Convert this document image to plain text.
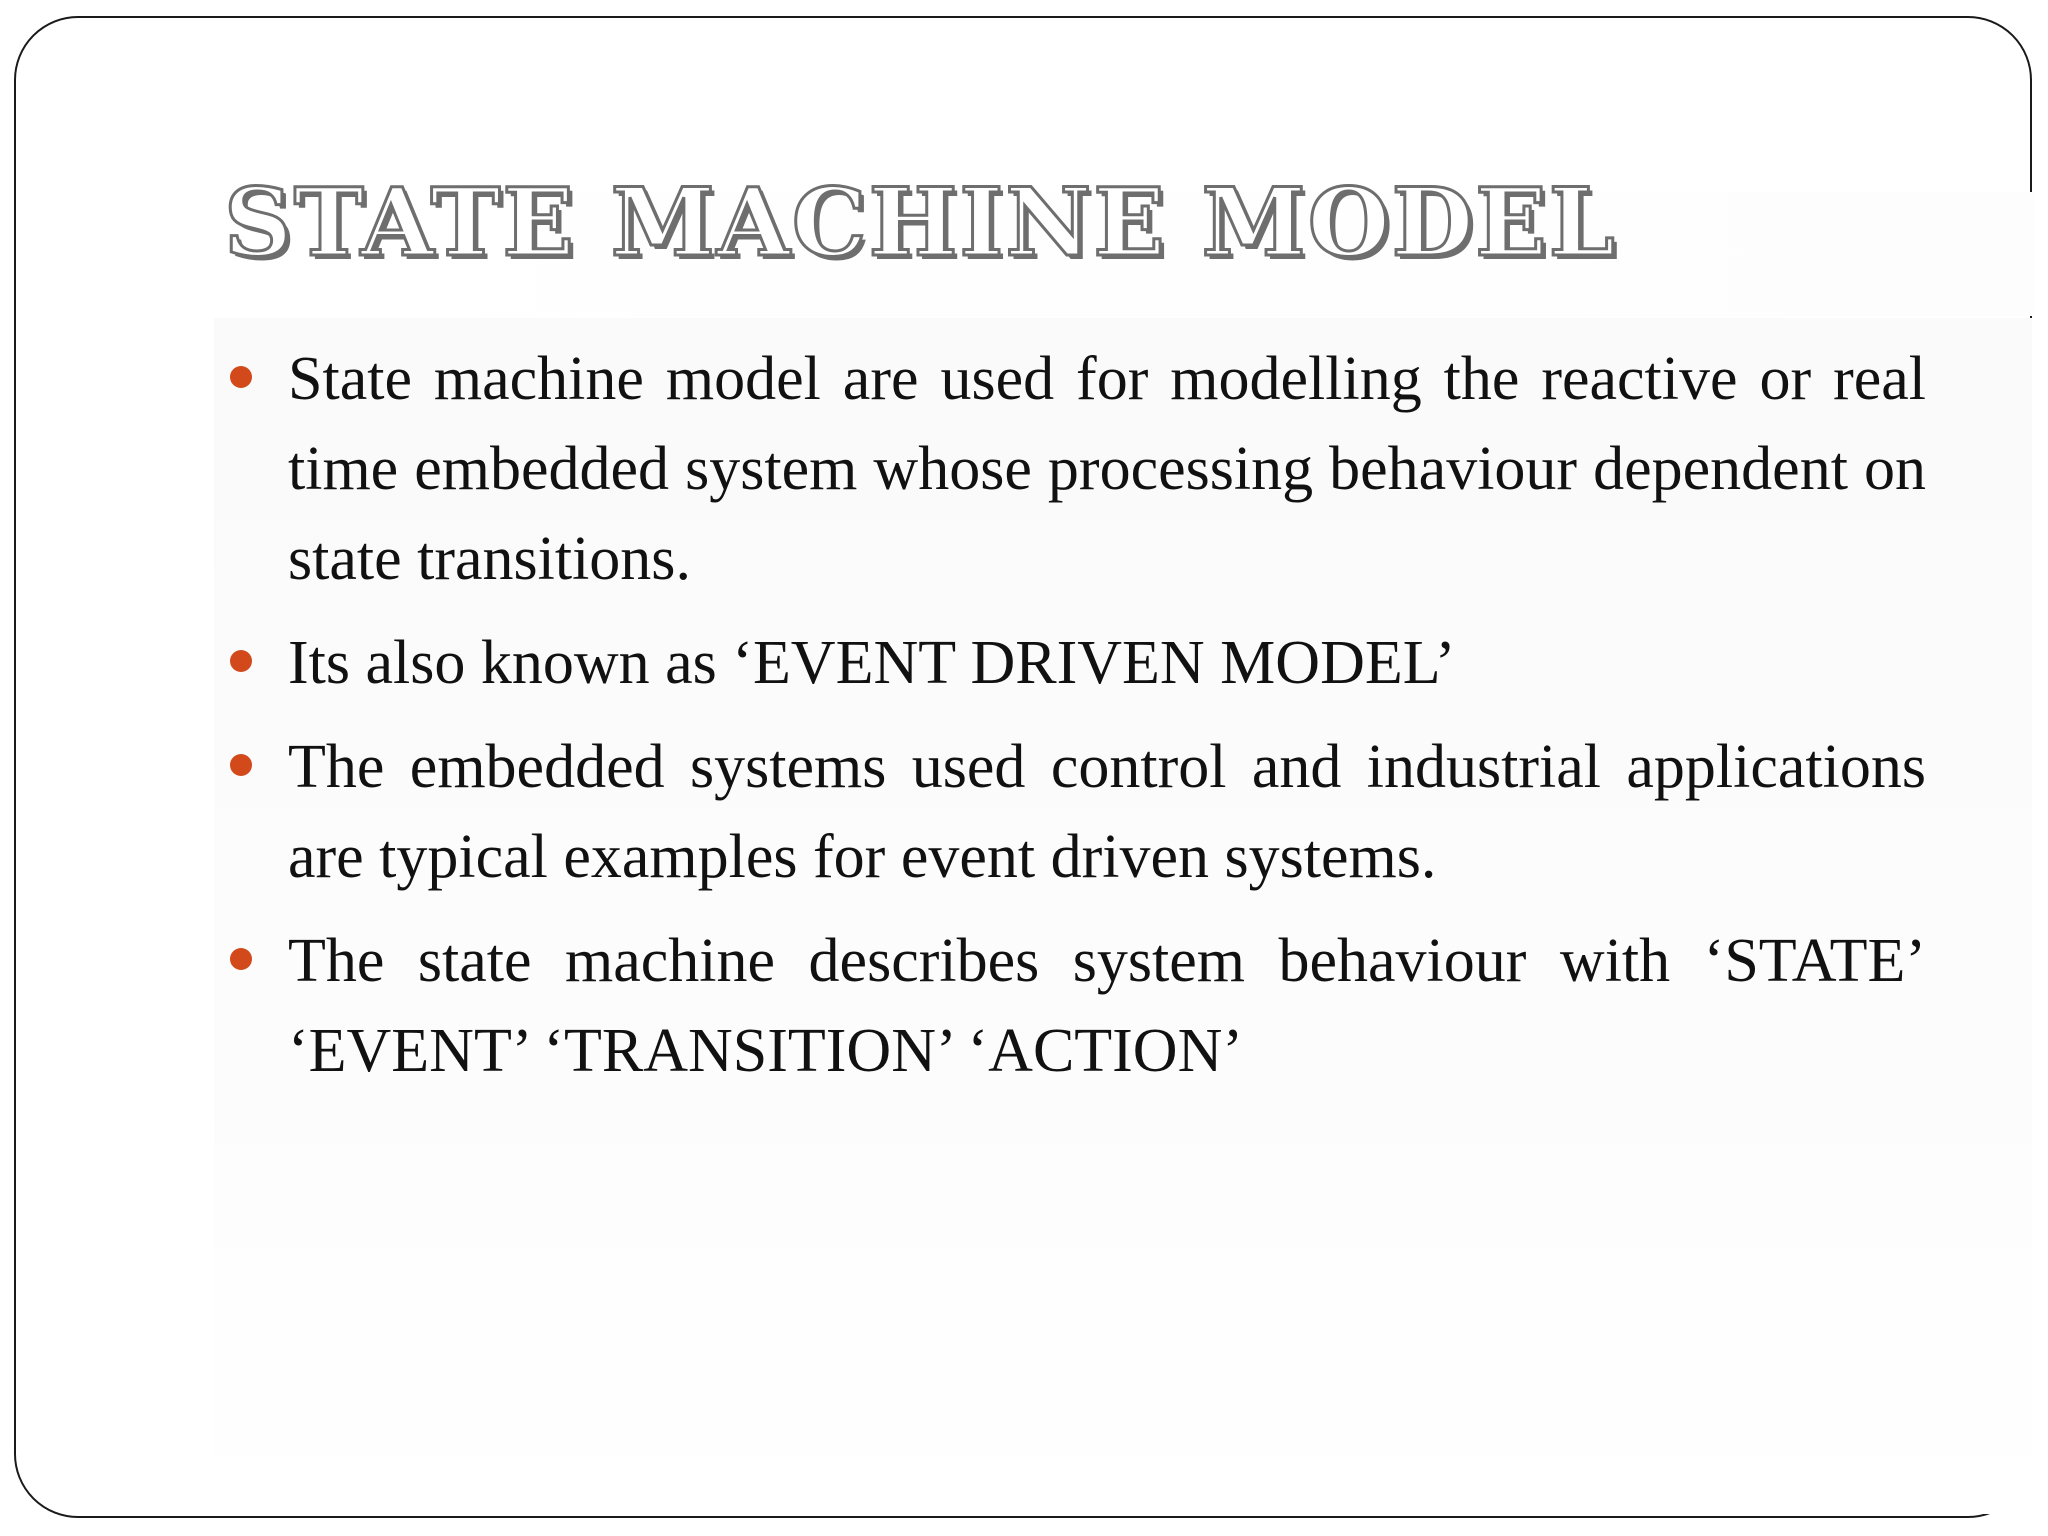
STATE MACHINE MODEL
State machine model are used for modelling the reactive or real time embedded system whose processing behaviour dependent on state transitions.
Its also known as ‘EVENT DRIVEN MODEL’
The embedded systems used control and industrial applications are typical examples for event driven systems.
The state machine describes system behaviour with ‘STATE’ ‘EVENT’ ‘TRANSITION’ ‘ACTION’
